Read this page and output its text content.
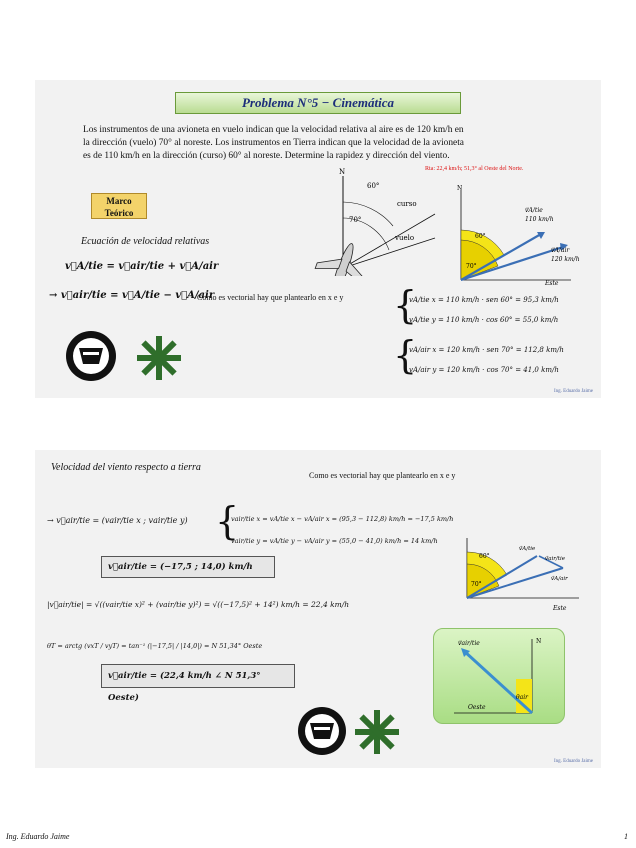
Problema N°5 − Cinemática
Los instrumentos de una avioneta en vuelo indican que la velocidad relativa al aire es de 120 km/h en
la dirección (vuelo) 70° al noreste. Los instrumentos en Tierra indican que la velocidad de la avioneta
es de 110 km/h en la dirección (curso) 60° al noreste. Determine la rapidez y dirección del viento.
Rta: 22,4 km/h; 51,3° al Oeste del Norte.
Marco Teórico
Ecuación de velocidad relativas
v⃗A/tie = v⃗air/tie + v⃗A/air
→ v⃗air/tie = v⃗A/tie − v⃗A/air
Como es vectorial hay que plantearlo en x e y
N
60°
70°
curso
vuelo
N
Este
v⃗A/tie
110 km/h
v⃗A/air
120 km/h
60°
70°
{
vA/tie x = 110 km/h · sen 60° = 95,3 km/h
vA/tie y = 110 km/h · cos 60° = 55,0 km/h
{
vA/air x = 120 km/h · sen 70° = 112,8 km/h
vA/air y = 120 km/h · cos 70° = 41,0 km/h
Ing. Eduardo Jaime
Velocidad del viento respecto a tierra
Como es vectorial hay que plantearlo en x e y
→ v⃗air/tie = (vair/tie x ; vair/tie y) {
vair/tie x = vA/tie x − vA/air x = (95,3 − 112,8) km/h = −17,5 km/h
vair/tie y = vA/tie y − vA/air y = (55,0 − 41,0) km/h = 14 km/h
v⃗air/tie = (−17,5 ; 14,0) km/h
|v⃗air/tie| = √((vair/tie x)² + (vair/tie y)²) = √((−17,5)² + 14²) km/h = 22,4 km/h
θT = arctg (vxT / vyT) = tan⁻¹ (|−17,5| / |14,0|) = N 51,34° Oeste
v⃗air/tie = (22,4 km/h ∠ N 51,3° Oeste)
60°
70°
v⃗A/tie
v⃗air/tie
v⃗A/air
Este
v⃗air/tie	N
Oeste
θair
Ing. Eduardo Jaime
Ing. Eduardo Jaime	1
